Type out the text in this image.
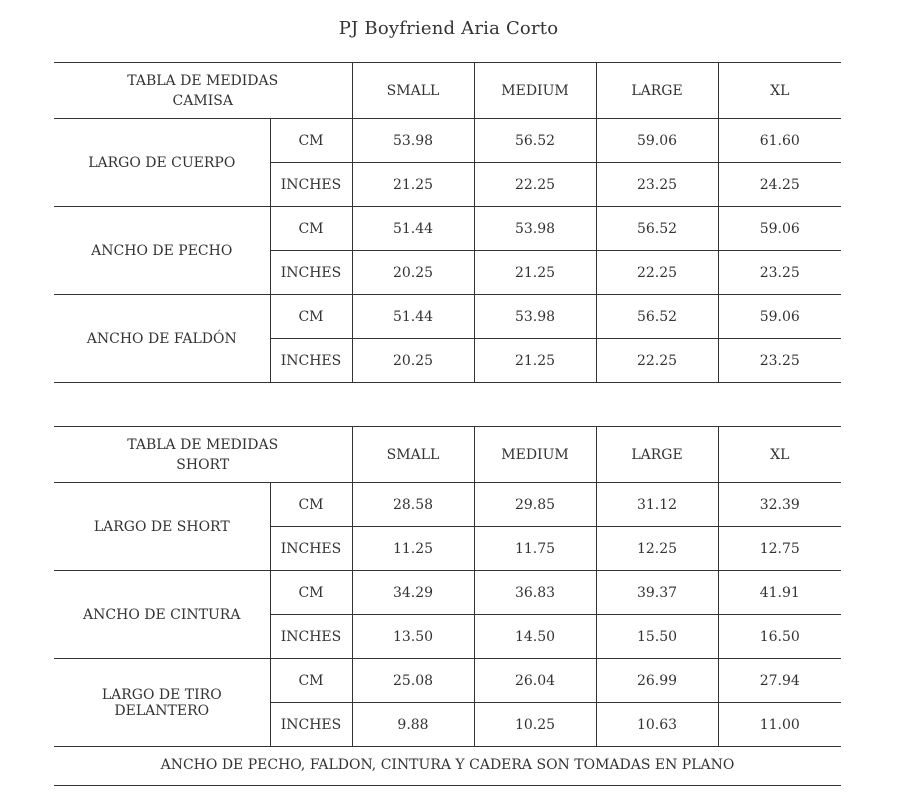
PJ Boyfriend Aria Corto
TABLA DE MEDIDAS
CAMISA		SMALL	MEDIUM	LARGE	XL
LARGO DE CUERPO	CM	53.98	56.52	59.06	61.60
	INCHES	21.25	22.25	23.25	24.25
ANCHO DE PECHO	CM	51.44	53.98	56.52	59.06
	INCHES	20.25	21.25	22.25	23.25
ANCHO DE FALDÓN	CM	51.44	53.98	56.52	59.06
	INCHES	20.25	21.25	22.25	23.25
TABLA DE MEDIDAS
SHORT		SMALL	MEDIUM	LARGE	XL
LARGO DE SHORT	CM	28.58	29.85	31.12	32.39
	INCHES	11.25	11.75	12.25	12.75
ANCHO DE CINTURA	CM	34.29	36.83	39.37	41.91
	INCHES	13.50	14.50	15.50	16.50
LARGO DE TIRO DELANTERO	CM	25.08	26.04	26.99	27.94
	INCHES	9.88	10.25	10.63	11.00
ANCHO DE PECHO, FALDON, CINTURA Y CADERA SON TOMADAS EN PLANO
